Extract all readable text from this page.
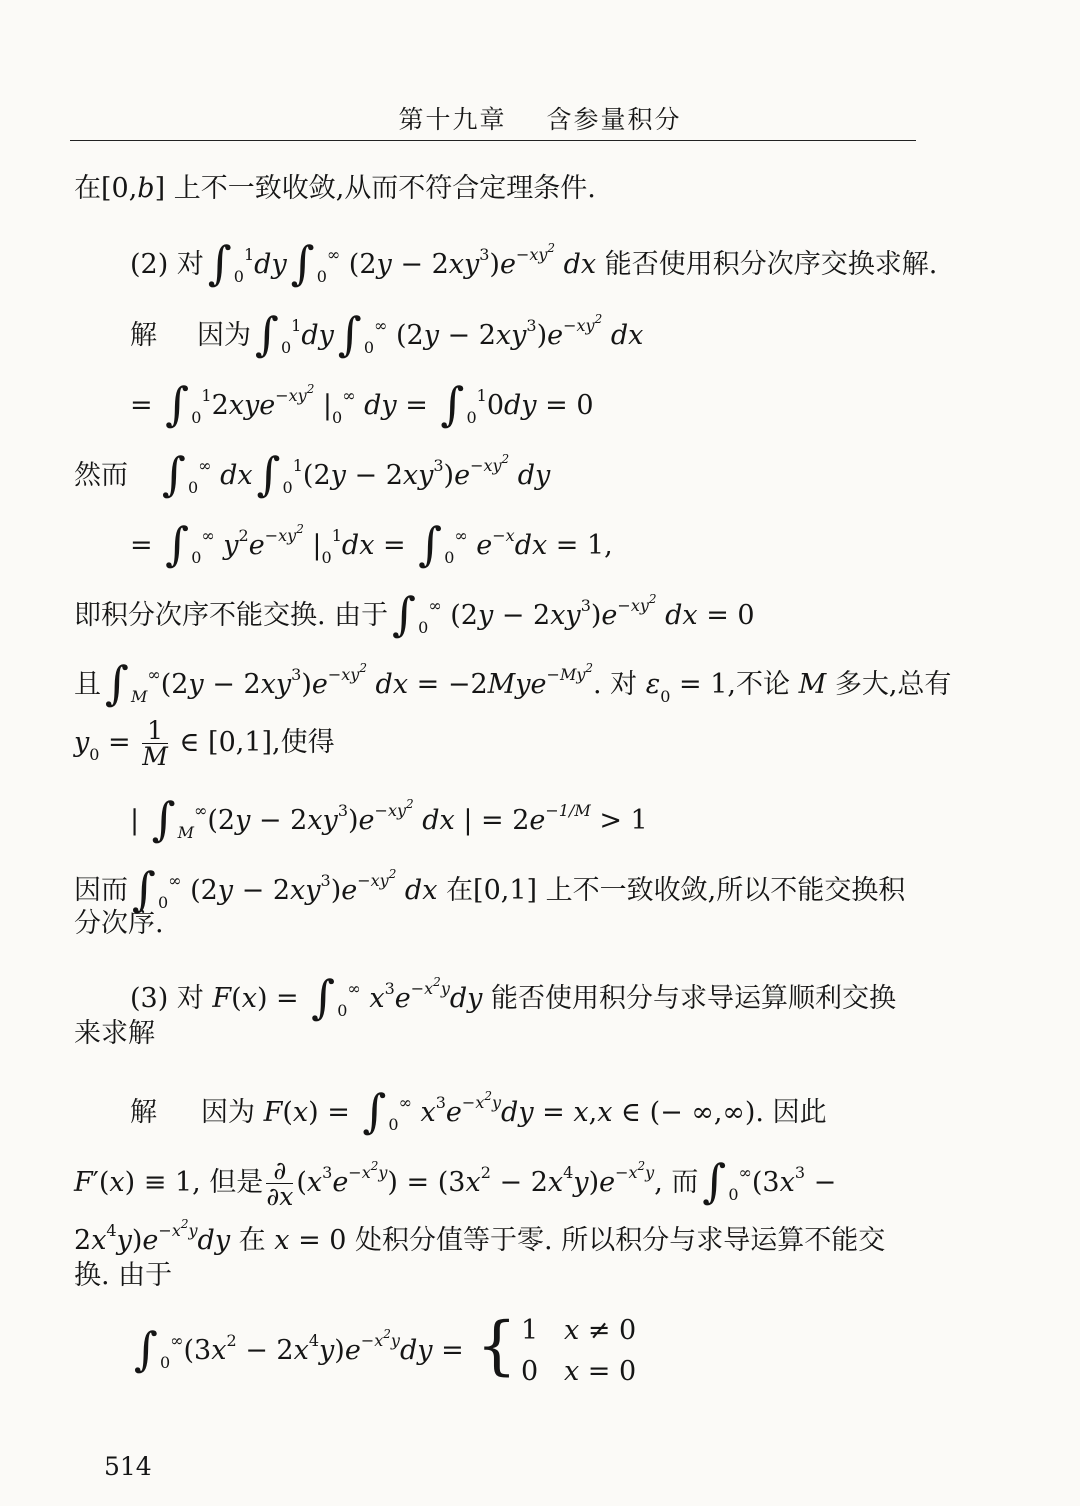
第十九章 含参量积分
在[0,b] 上不一致收敛,从而不符合定理条件.
(2) 对∫ $_0^1$dy∫ $_0$∞ $(2y - 2xy^3)e^{-xy^2}$ dx 能否使用积分次序交换求解.
解 因为∫ $_0^1$dy∫ $_0$∞ $(2y - 2xy^3)e^{-xy^2}$ dx
= ∫ $_0^1$2xye$^{-xy^2}$ $|_0^\infty$ dy = ∫ $_0^1$0dy = 0
然而 ∫ $_0$∞ dx∫ $_0^1(2y - 2xy^3)e^{-xy^2}$ dy
= ∫ $_0$∞ $y^2e^{-xy^2}$ $|_0^1dx$ = ∫ $_0$∞ $e^{-x}dx = 1$,
即积分次序不能交换. 由于∫ $_0$∞ $(2y - 2xy^3)e^{-xy^2}$ dx = 0
且∫ $_M^\infty(2y - 2xy^3)e^{-xy^2}$ dx = −2Mye$^{-My^2}$. 对 $\varepsilon_0 = 1$,不论 M 多大,总有
$y_0 = \frac{1}{M}$ ∈ [0,1],使得
| ∫ $_M^\infty(2y - 2xy^3)e^{-xy^2}$ dx | = $2e^{-1/M} > 1$
因而∫ $_0$∞ $(2y - 2xy^3)e^{-xy^2}$ dx 在[0,1] 上不一致收敛,所以不能交换积
分次序.
(3) 对 F(x) = ∫ $_0$∞ $x^3e^{-x^2y}dy$ 能否使用积分与求导运算顺利交换
来求解
解 因为 F(x) = ∫ $_0$∞ $x^3e^{-x^2y}dy = x,x$ ∈ (− ∞,∞). 因此
F′(x) ≡ 1, 但是 $\frac{\partial}{\partial x} (x^3e^{-x^2y}) = (3x^2 - 2x^4y)e^{-x^2y}$, 而∫ $_0^\infty(3x^3$ −
$2x^4y)e^{-x^2y}dy$ 在 x = 0 处积分值等于零. 所以积分与求导运算不能交
换. 由于
∫ $_0^\infty(3x^2 - 2x^4y)e^{-x^2y}dy$ = { 1   x ≠ 0
0   x = 0
514
